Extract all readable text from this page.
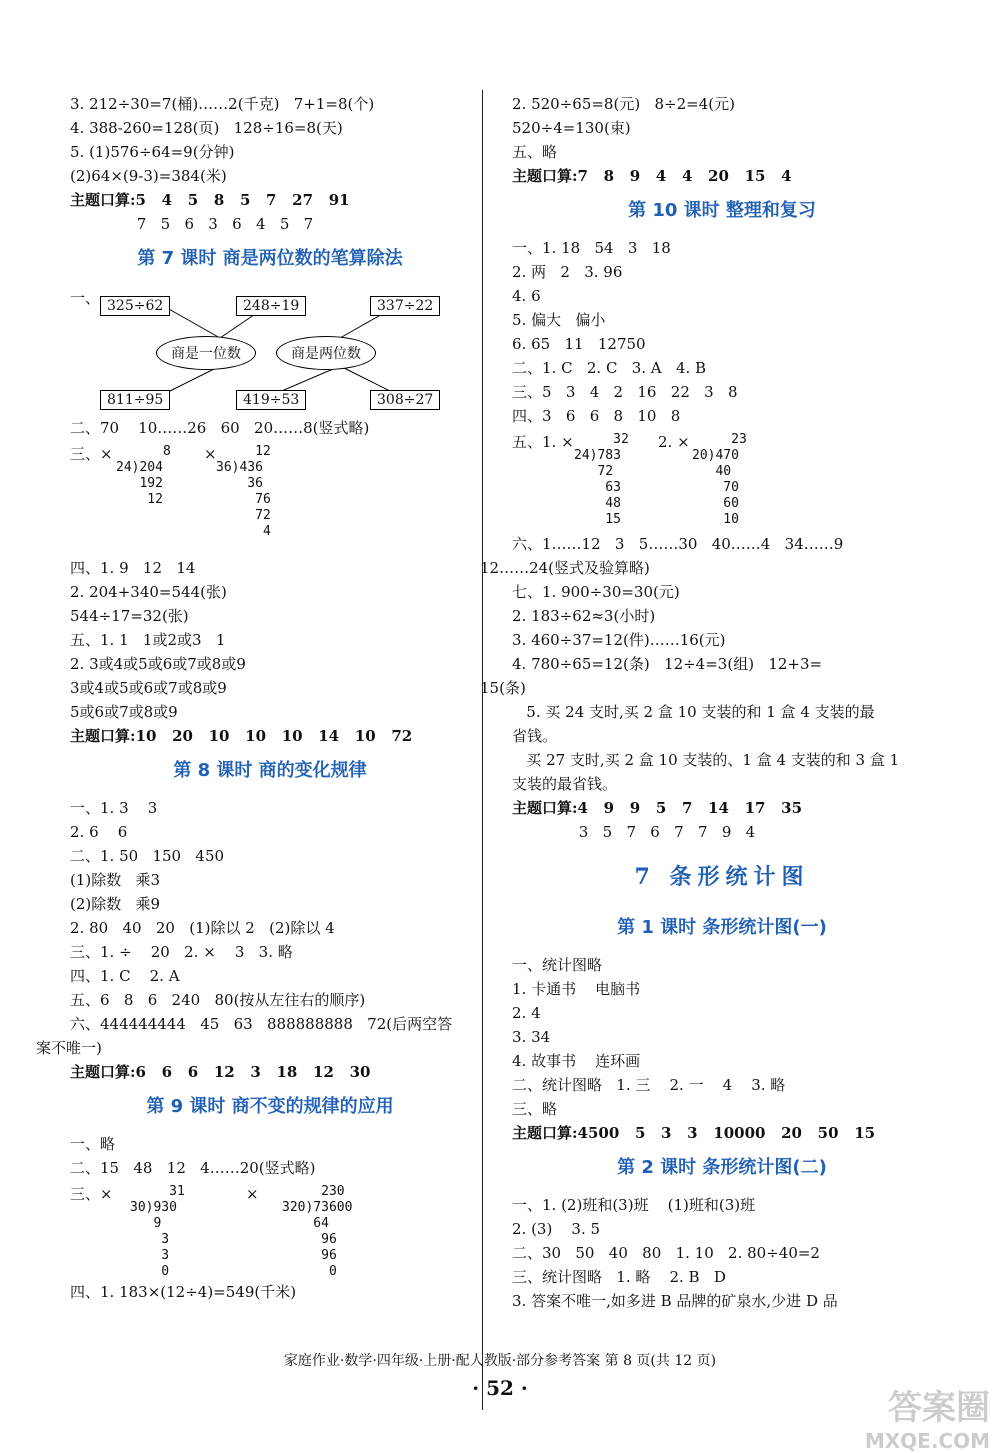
3. 212÷30=7(桶)……2(千克)   7+1=8(个)
4. 388-260=128(页)   128÷16=8(天)
5. (1)576÷64=9(分钟)
(2)64×(9-3)=384(米)
主题口算:5   4   5   8   5   7   27   91
7   5   6   3   6   4   5   7
第 7 课时 商是两位数的笔算除法
一、 325÷62	248÷19	337÷22
商是一位数	商是两位数
811÷95	419÷53	308÷27
二、70    10……26   60   20……8(竖式略)
三、×	8
24)204
192
12
×	12
36)436
36
76
72
4
四、1. 9   12   14
2. 204+340=544(张)
544÷17=32(张)
五、1. 1   1或2或3   1
2. 3或4或5或6或7或8或9
3或4或5或6或7或8或9
5或6或7或8或9
主题口算:10   20   10   10   10   14   10   72
第 8 课时 商的变化规律
一、1. 3    3
2. 6    6
二、1. 50   150   450
(1)除数   乘3
(2)除数   乘9
2. 80   40   20   (1)除以 2   (2)除以 4
三、1. ÷    20   2. ×    3   3. 略
四、1. C    2. A
五、6   8   6   240   80(按从左往右的顺序)
六、444444444   45   63   888888888   72(后两空答
案不唯一)
主题口算:6   6   6   12   3   18   12   30
第 9 课时 商不变的规律的应用
一、略
二、15   48   12   4……20(竖式略)
三、×	31
30)930
9
3
3
0
×	230
320)73600
64
96
96
0
四、1. 183×(12÷4)=549(千米)
2. 520÷65=8(元)   8÷2=4(元)
520÷4=130(束)
五、略
主题口算:7   8   9   4   4   20   15   4
第 10 课时 整理和复习
一、1. 18   54   3   18
2. 两   2   3. 96
4. 6
5. 偏大   偏小
6. 65   11   12750
二、1. C   2. C   3. A   4. B
三、5   3   4   2   16   22   3   8
四、3   6   6   8   10   8
五、1. ×	32
24)783
72
63
48
15
2. ×	23
20)470
40
70
60
10
六、1……12   3   5……30   40……4   34……9
12……24(竖式及验算略)
七、1. 900÷30=30(元)
2. 183÷62≈3(小时)
3. 460÷37=12(件)……16(元)
4. 780÷65=12(条)   12÷4=3(组)   12+3=
15(条)
5. 买 24 支时,买 2 盒 10 支装的和 1 盒 4 支装的最
省钱。
买 27 支时,买 2 盒 10 支装的、1 盒 4 支装的和 3 盒 1
支装的最省钱。
主题口算:4   9   9   5   7   14   17   35
3   5   7   6   7   7   9   4
7 条形统计图
第 1 课时 条形统计图(一)
一、统计图略
1. 卡通书    电脑书
2. 4
3. 34
4. 故事书    连环画
二、统计图略   1. 三    2. 一    4    3. 略
三、略
主题口算:4500   5   3   3   10000   20   50   15
第 2 课时 条形统计图(二)
一、1. (2)班和(3)班    (1)班和(3)班
2. (3)    3. 5
二、30   50   40   80   1. 10   2. 80÷40=2
三、统计图略   1. 略    2. B   D
3. 答案不唯一,如多进 B 品牌的矿泉水,少进 D 品
家庭作业·数学·四年级·上册·配人教版·部分参考答案 第 8 页(共 12 页)
· 52 ·	答案圈
MXQE.COM
